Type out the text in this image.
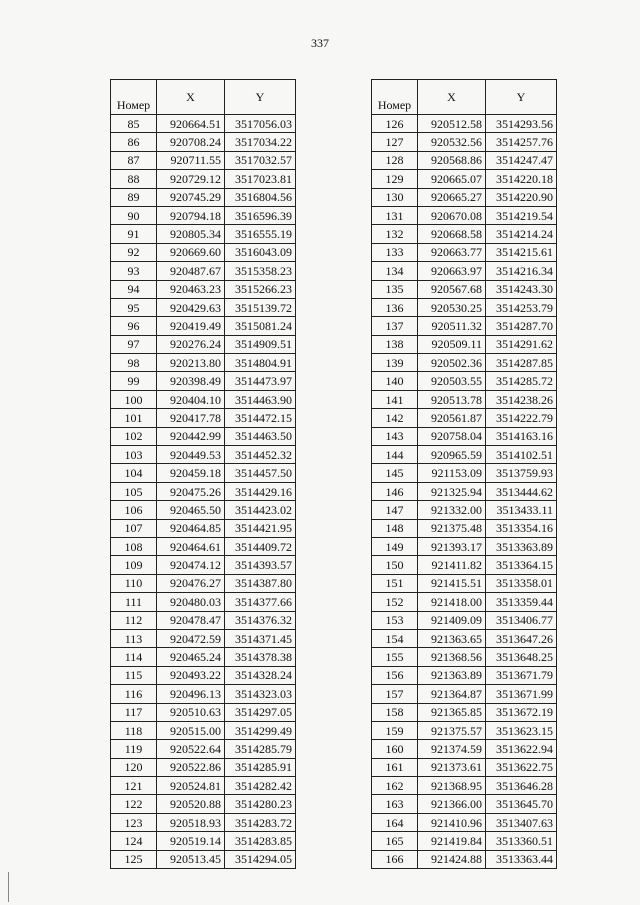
337
Номер	X	Y
85	920664.51	3517056.03
86	920708.24	3517034.22
87	920711.55	3517032.57
88	920729.12	3517023.81
89	920745.29	3516804.56
90	920794.18	3516596.39
91	920805.34	3516555.19
92	920669.60	3516043.09
93	920487.67	3515358.23
94	920463.23	3515266.23
95	920429.63	3515139.72
96	920419.49	3515081.24
97	920276.24	3514909.51
98	920213.80	3514804.91
99	920398.49	3514473.97
100	920404.10	3514463.90
101	920417.78	3514472.15
102	920442.99	3514463.50
103	920449.53	3514452.32
104	920459.18	3514457.50
105	920475.26	3514429.16
106	920465.50	3514423.02
107	920464.85	3514421.95
108	920464.61	3514409.72
109	920474.12	3514393.57
110	920476.27	3514387.80
111	920480.03	3514377.66
112	920478.47	3514376.32
113	920472.59	3514371.45
114	920465.24	3514378.38
115	920493.22	3514328.24
116	920496.13	3514323.03
117	920510.63	3514297.05
118	920515.00	3514299.49
119	920522.64	3514285.79
120	920522.86	3514285.91
121	920524.81	3514282.42
122	920520.88	3514280.23
123	920518.93	3514283.72
124	920519.14	3514283.85
125	920513.45	3514294.05
Номер	X	Y
126	920512.58	3514293.56
127	920532.56	3514257.76
128	920568.86	3514247.47
129	920665.07	3514220.18
130	920665.27	3514220.90
131	920670.08	3514219.54
132	920668.58	3514214.24
133	920663.77	3514215.61
134	920663.97	3514216.34
135	920567.68	3514243.30
136	920530.25	3514253.79
137	920511.32	3514287.70
138	920509.11	3514291.62
139	920502.36	3514287.85
140	920503.55	3514285.72
141	920513.78	3514238.26
142	920561.87	3514222.79
143	920758.04	3514163.16
144	920965.59	3514102.51
145	921153.09	3513759.93
146	921325.94	3513444.62
147	921332.00	3513433.11
148	921375.48	3513354.16
149	921393.17	3513363.89
150	921411.82	3513364.15
151	921415.51	3513358.01
152	921418.00	3513359.44
153	921409.09	3513406.77
154	921363.65	3513647.26
155	921368.56	3513648.25
156	921363.89	3513671.79
157	921364.87	3513671.99
158	921365.85	3513672.19
159	921375.57	3513623.15
160	921374.59	3513622.94
161	921373.61	3513622.75
162	921368.95	3513646.28
163	921366.00	3513645.70
164	921410.96	3513407.63
165	921419.84	3513360.51
166	921424.88	3513363.44
